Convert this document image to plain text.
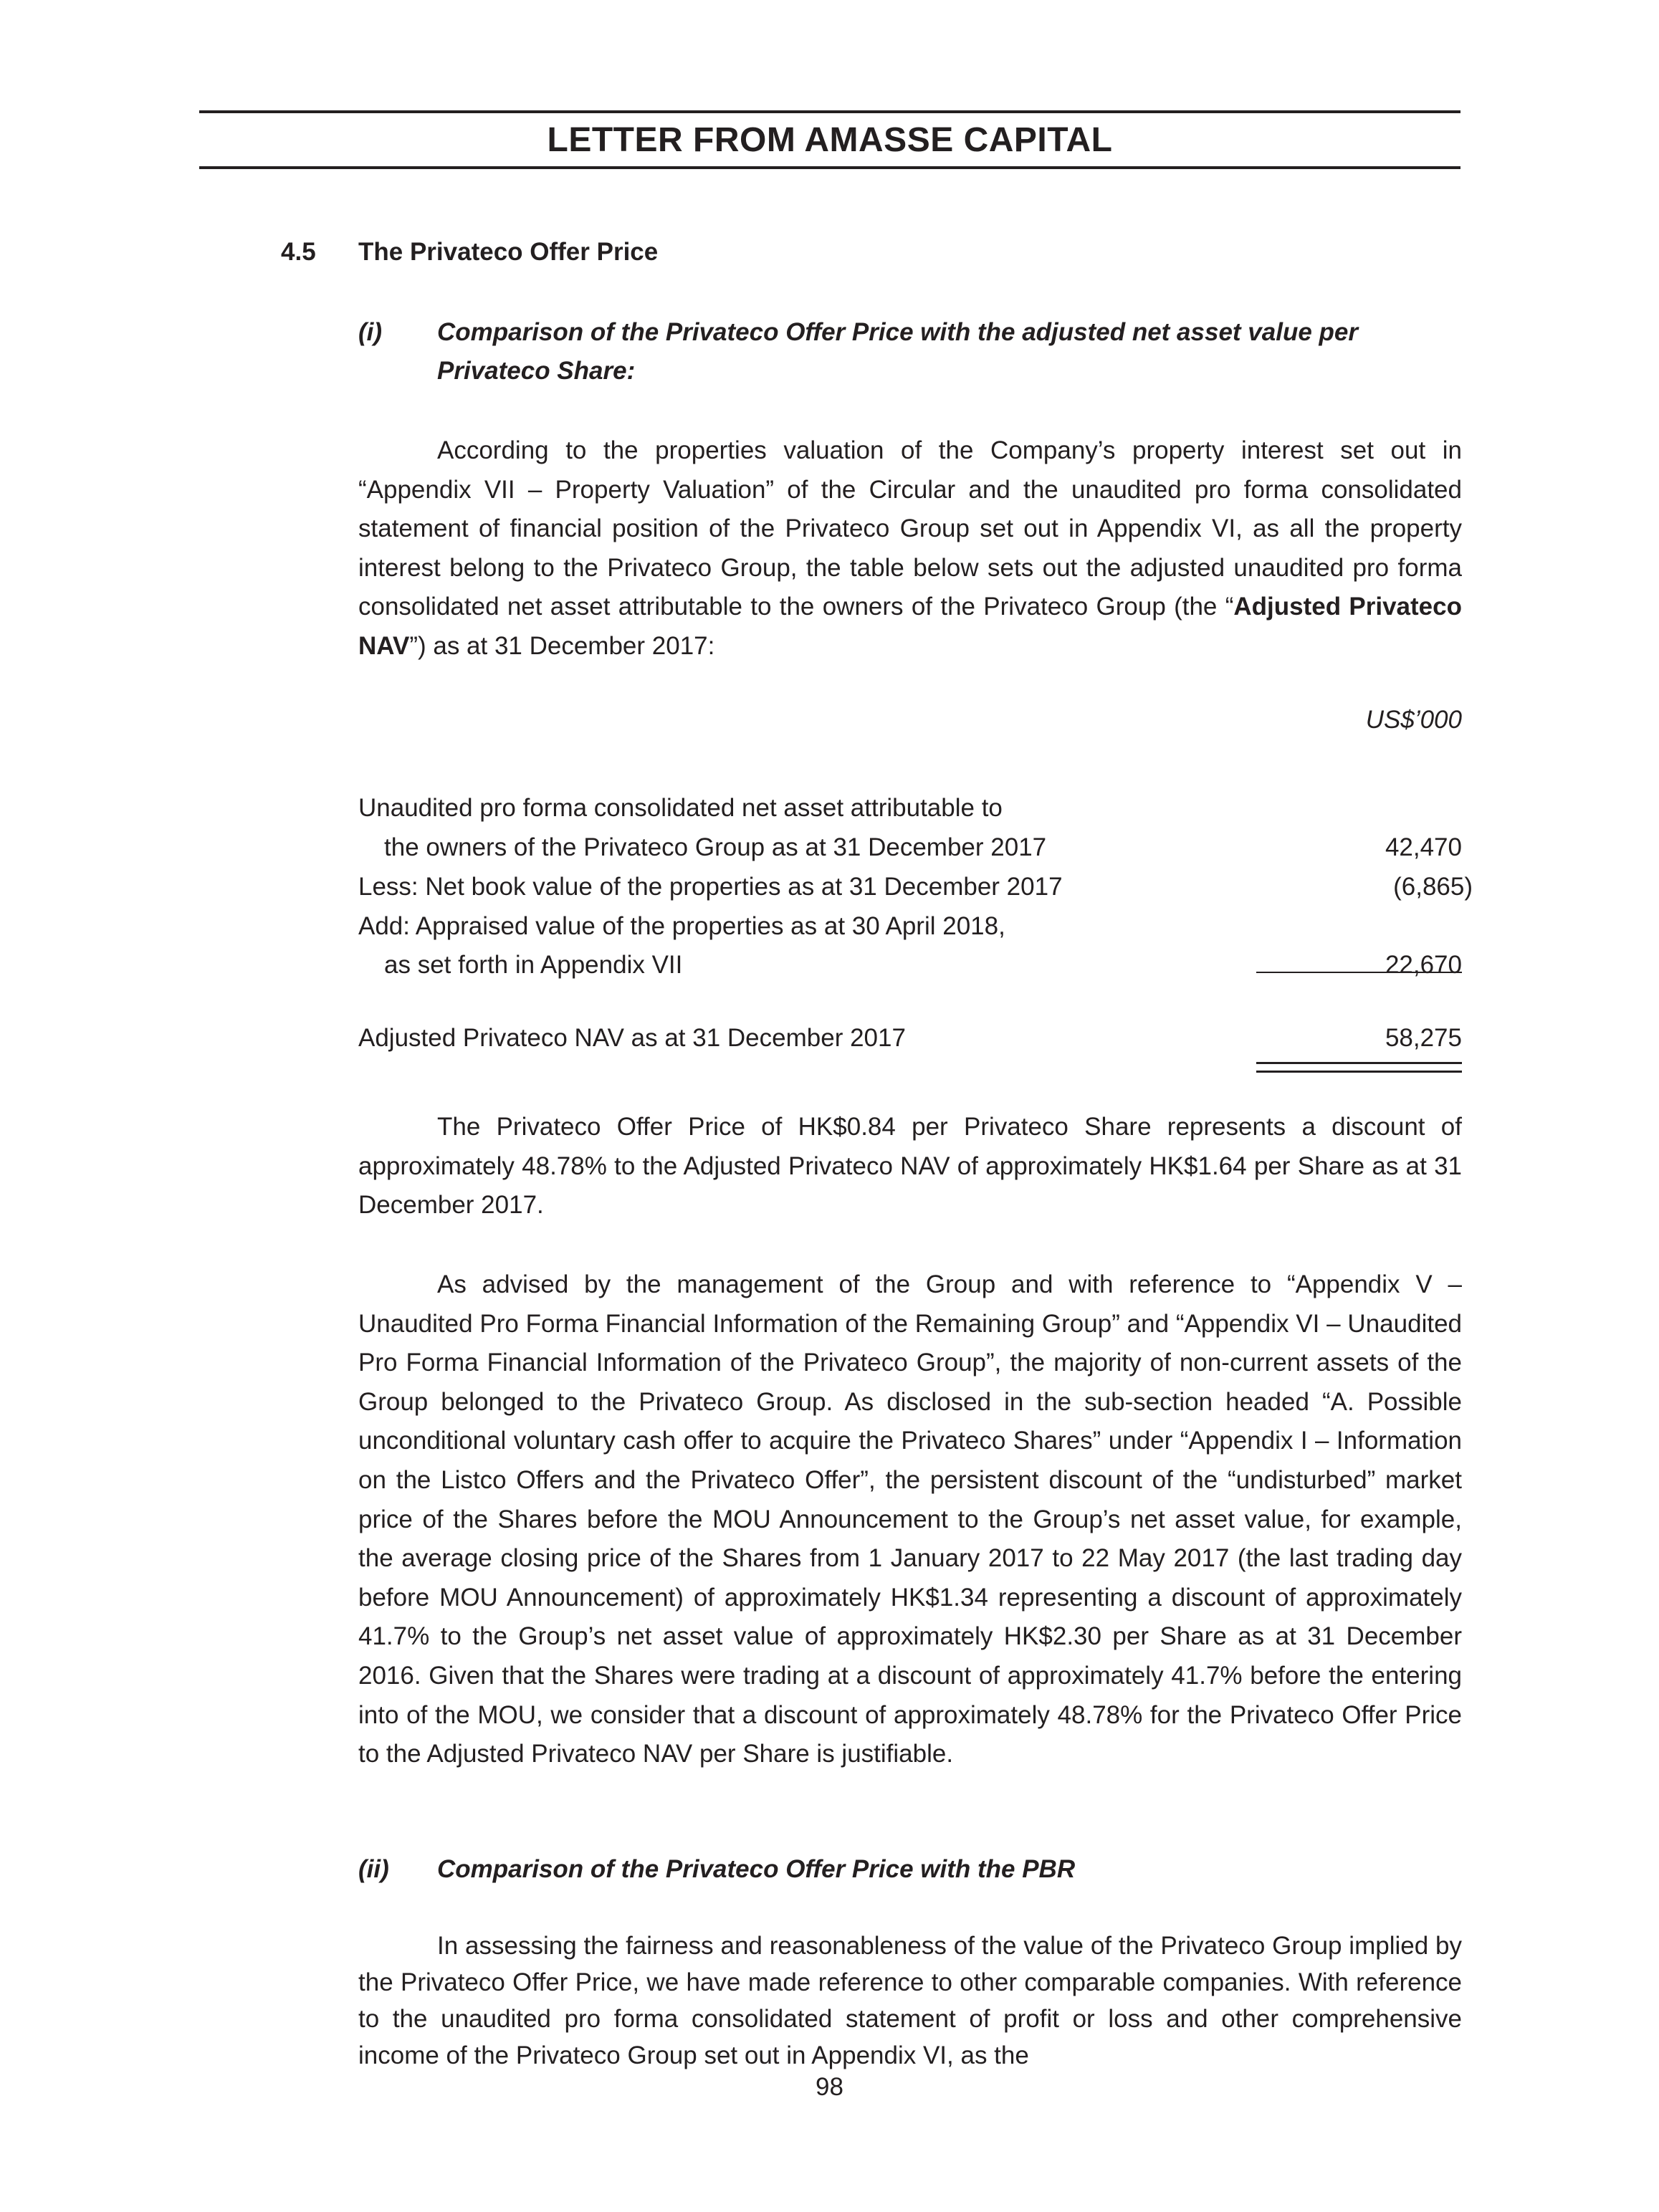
LETTER FROM AMASSE CAPITAL
4.5 The Privateco Offer Price
(i) Comparison of the Privateco Offer Price with the adjusted net asset value per
Privateco Share:

According to the properties valuation of the Company’s property interest set out in “Appendix VII – Property Valuation” of the Circular and the unaudited pro forma consolidated statement of financial position of the Privateco Group set out in Appendix VI, as all the property interest belong to the Privateco Group, the table below sets out the adjusted unaudited pro forma consolidated net asset attributable to the owners of the Privateco Group (the “Adjusted Privateco NAV”) as at 31 December 2017:

US$’000
Unaudited pro forma consolidated net asset attributable to
the owners of the Privateco Group as at 31 December 2017	42,470
Less: Net book value of the properties as at 31 December 2017	(6,865)
Add: Appraised value of the properties as at 30 April 2018,
as set forth in Appendix VII	22,670
Adjusted Privateco NAV as at 31 December 2017	58,275

The Privateco Offer Price of HK$0.84 per Privateco Share represents a discount of approximately 48.78% to the Adjusted Privateco NAV of approximately HK$1.64 per Share as at 31 December 2017.

As advised by the management of the Group and with reference to “Appendix V – Unaudited Pro Forma Financial Information of the Remaining Group” and “Appendix VI – Unaudited Pro Forma Financial Information of the Privateco Group”, the majority of non-current assets of the Group belonged to the Privateco Group. As disclosed in the sub-section headed “A. Possible unconditional voluntary cash offer to acquire the Privateco Shares” under “Appendix I – Information on the Listco Offers and the Privateco Offer”, the persistent discount of the “undisturbed” market price of the Shares before the MOU Announcement to the Group’s net asset value, for example, the average closing price of the Shares from 1 January 2017 to 22 May 2017 (the last trading day before MOU Announcement) of approximately HK$1.34 representing a discount of approximately 41.7% to the Group’s net asset value of approximately HK$2.30 per Share as at 31 December 2016. Given that the Shares were trading at a discount of approximately 41.7% before the entering into of the MOU, we consider that a discount of approximately 48.78% for the Privateco Offer Price to the Adjusted Privateco NAV per Share is justifiable.

(ii) Comparison of the Privateco Offer Price with the PBR

In assessing the fairness and reasonableness of the value of the Privateco Group implied by the Privateco Offer Price, we have made reference to other comparable companies. With reference to the unaudited pro forma consolidated statement of profit or loss and other comprehensive income of the Privateco Group set out in Appendix VI, as the

98
